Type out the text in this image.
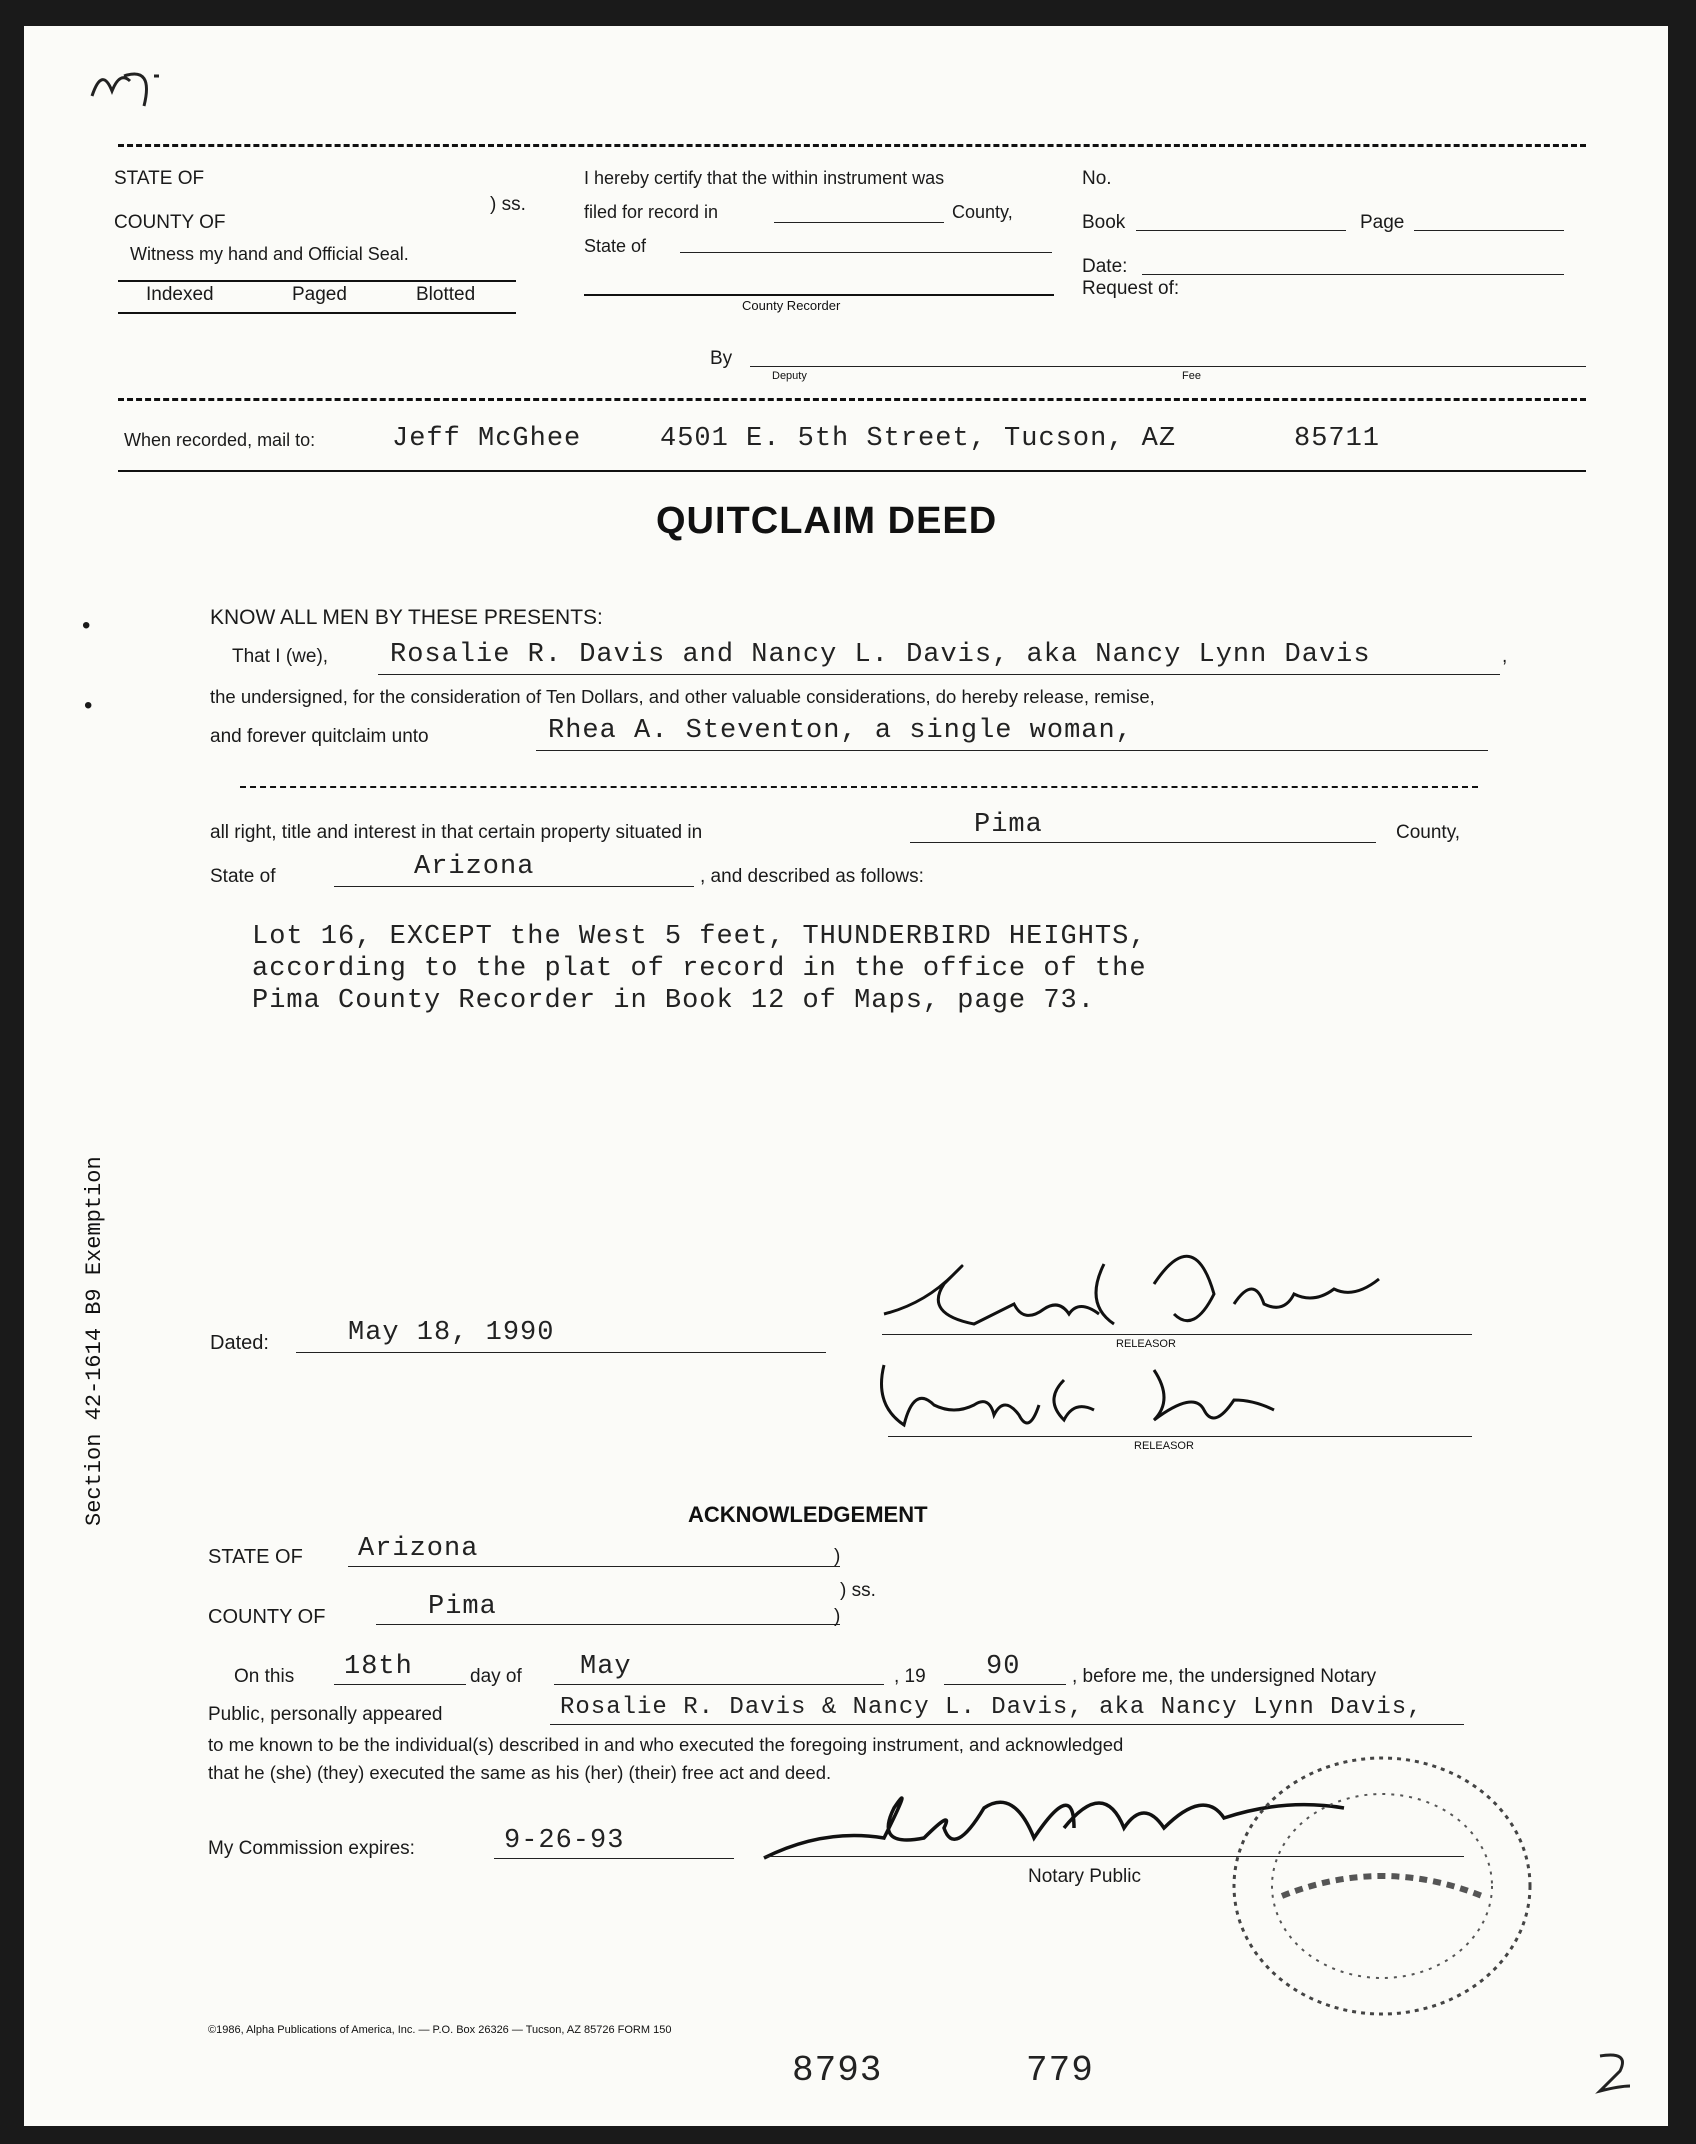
STATE OF
COUNTY OF
) ss.
Witness my hand and Official Seal.
Indexed	Paged	Blotted
I hereby certify that the within instrument was
filed for record in	County,
State of
County Recorder
No.
Book	Page
Date:
Request of:
By
Deputy	Fee
When recorded, mail to:	Jeff McGhee	4501 E. 5th Street, Tucson, AZ	85711
QUITCLAIM DEED
•	KNOW ALL MEN BY THESE PRESENTS:
That I (we), Rosalie R. Davis and Nancy L. Davis, aka Nancy Lynn Davis	,
•	the undersigned, for the consideration of Ten Dollars, and other valuable considerations, do hereby release, remise,
and forever quitclaim unto	Rhea A. Steventon, a single woman,
all right, title and interest in that certain property situated in	Pima	County,
State of	Arizona	, and described as follows:
Lot 16, EXCEPT the West 5 feet, THUNDERBIRD HEIGHTS,
according to the plat of record in the office of the
Pima County Recorder in Book 12 of Maps, page 73.
Section 42-1614 B9 Exemption	Dated:	May 18, 1990	RELEASOR
RELEASOR
ACKNOWLEDGEMENT
STATE OF Arizona	)
) ss.
COUNTY OF	Pima	)
On this 18th	day of May	, 19 90	, before me, the undersigned Notary
Public, personally appeared	Rosalie R. Davis & Nancy L. Davis, aka Nancy Lynn Davis,
to me known to be the individual(s) described in and who executed the foregoing instrument, and acknowledged
that he (she) (they) executed the same as his (her) (their) free act and deed.
My Commission expires:	9-26-93
Notary Public
©1986, Alpha Publications of America, Inc. — P.O. Box 26326 — Tucson, AZ 85726 FORM 150
8793	779
